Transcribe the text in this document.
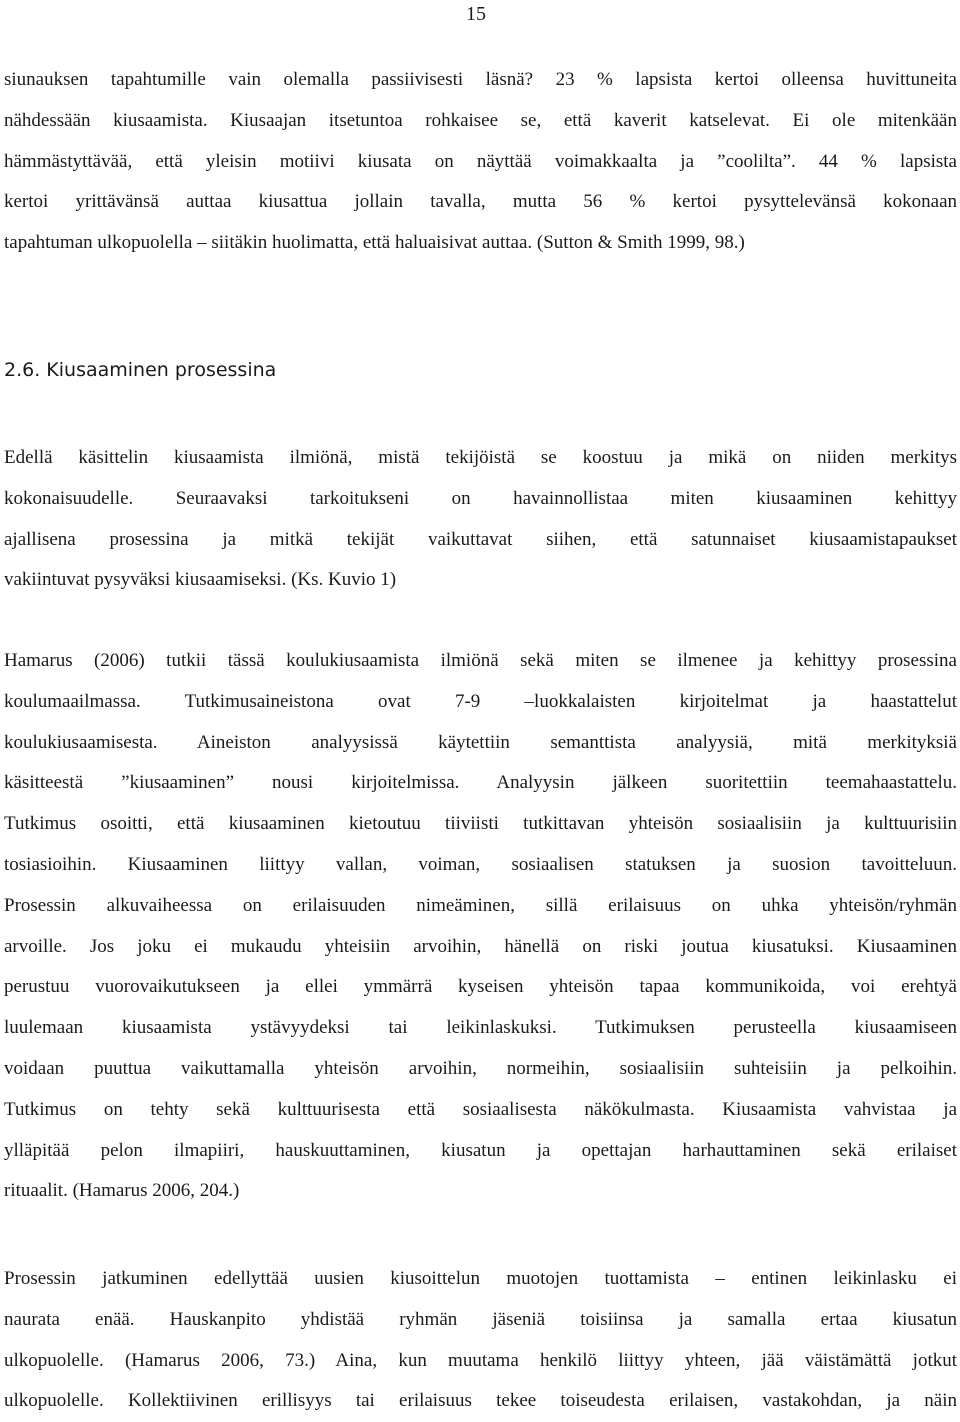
15

siunauksen tapahtumille vain olemalla passiivisesti läsnä? 23 % lapsista kertoi olleensa huvittuneita
nähdessään kiusaamista. Kiusaajan itsetuntoa rohkaisee se, että kaverit katselevat. Ei ole mitenkään
hämmästyttävää, että yleisin motiivi kiusata on näyttää voimakkaalta ja ”coolilta”. 44 % lapsista
kertoi yrittävänsä auttaa kiusattua jollain tavalla, mutta 56 % kertoi pysyttelevänsä kokonaan
tapahtuman ulkopuolella – siitäkin huolimatta, että haluaisivat auttaa. (Sutton & Smith 1999, 98.)

2.6. Kiusaaminen prosessina

Edellä käsittelin kiusaamista ilmiönä, mistä tekijöistä se koostuu ja mikä on niiden merkitys
kokonaisuudelle. Seuraavaksi tarkoitukseni on havainnollistaa miten kiusaaminen kehittyy
ajallisena prosessina ja mitkä tekijät vaikuttavat siihen, että satunnaiset kiusaamistapaukset
vakiintuvat pysyväksi kiusaamiseksi. (Ks. Kuvio 1)

Hamarus (2006) tutkii tässä koulukiusaamista ilmiönä sekä miten se ilmenee ja kehittyy prosessina
koulumaailmassa. Tutkimusaineistona ovat 7-9 –luokkalaisten kirjoitelmat ja haastattelut
koulukiusaamisesta. Aineiston analyysissä käytettiin semanttista analyysiä, mitä merkityksiä
käsitteestä ”kiusaaminen” nousi kirjoitelmissa. Analyysin jälkeen suoritettiin teemahaastattelu.
Tutkimus osoitti, että kiusaaminen kietoutuu tiiviisti tutkittavan yhteisön sosiaalisiin ja kulttuurisiin
tosiasioihin. Kiusaaminen liittyy vallan, voiman, sosiaalisen statuksen ja suosion tavoitteluun.
Prosessin alkuvaiheessa on erilaisuuden nimeäminen, sillä erilaisuus on uhka yhteisön/ryhmän
arvoille. Jos joku ei mukaudu yhteisiin arvoihin, hänellä on riski joutua kiusatuksi. Kiusaaminen
perustuu vuorovaikutukseen ja ellei ymmärrä kyseisen yhteisön tapaa kommunikoida, voi erehtyä
luulemaan kiusaamista ystävyydeksi tai leikinlaskuksi. Tutkimuksen perusteella kiusaamiseen
voidaan puuttua vaikuttamalla yhteisön arvoihin, normeihin, sosiaalisiin suhteisiin ja pelkoihin.
Tutkimus on tehty sekä kulttuurisesta että sosiaalisesta näkökulmasta. Kiusaamista vahvistaa ja
ylläpitää pelon ilmapiiri, hauskuuttaminen, kiusatun ja opettajan harhauttaminen sekä erilaiset
rituaalit. (Hamarus 2006, 204.)

Prosessin jatkuminen edellyttää uusien kiusoittelun muotojen tuottamista – entinen leikinlasku ei
naurata enää. Hauskanpito yhdistää ryhmän jäseniä toisiinsa ja samalla ertaa kiusatun
ulkopuolelle. (Hamarus 2006, 73.) Aina, kun muutama henkilö liittyy yhteen, jää väistämättä jotkut
ulkopuolelle. Kollektiivinen erillisyys tai erilaisuus tekee toiseudesta erilaisen, vastakohdan, ja näin
